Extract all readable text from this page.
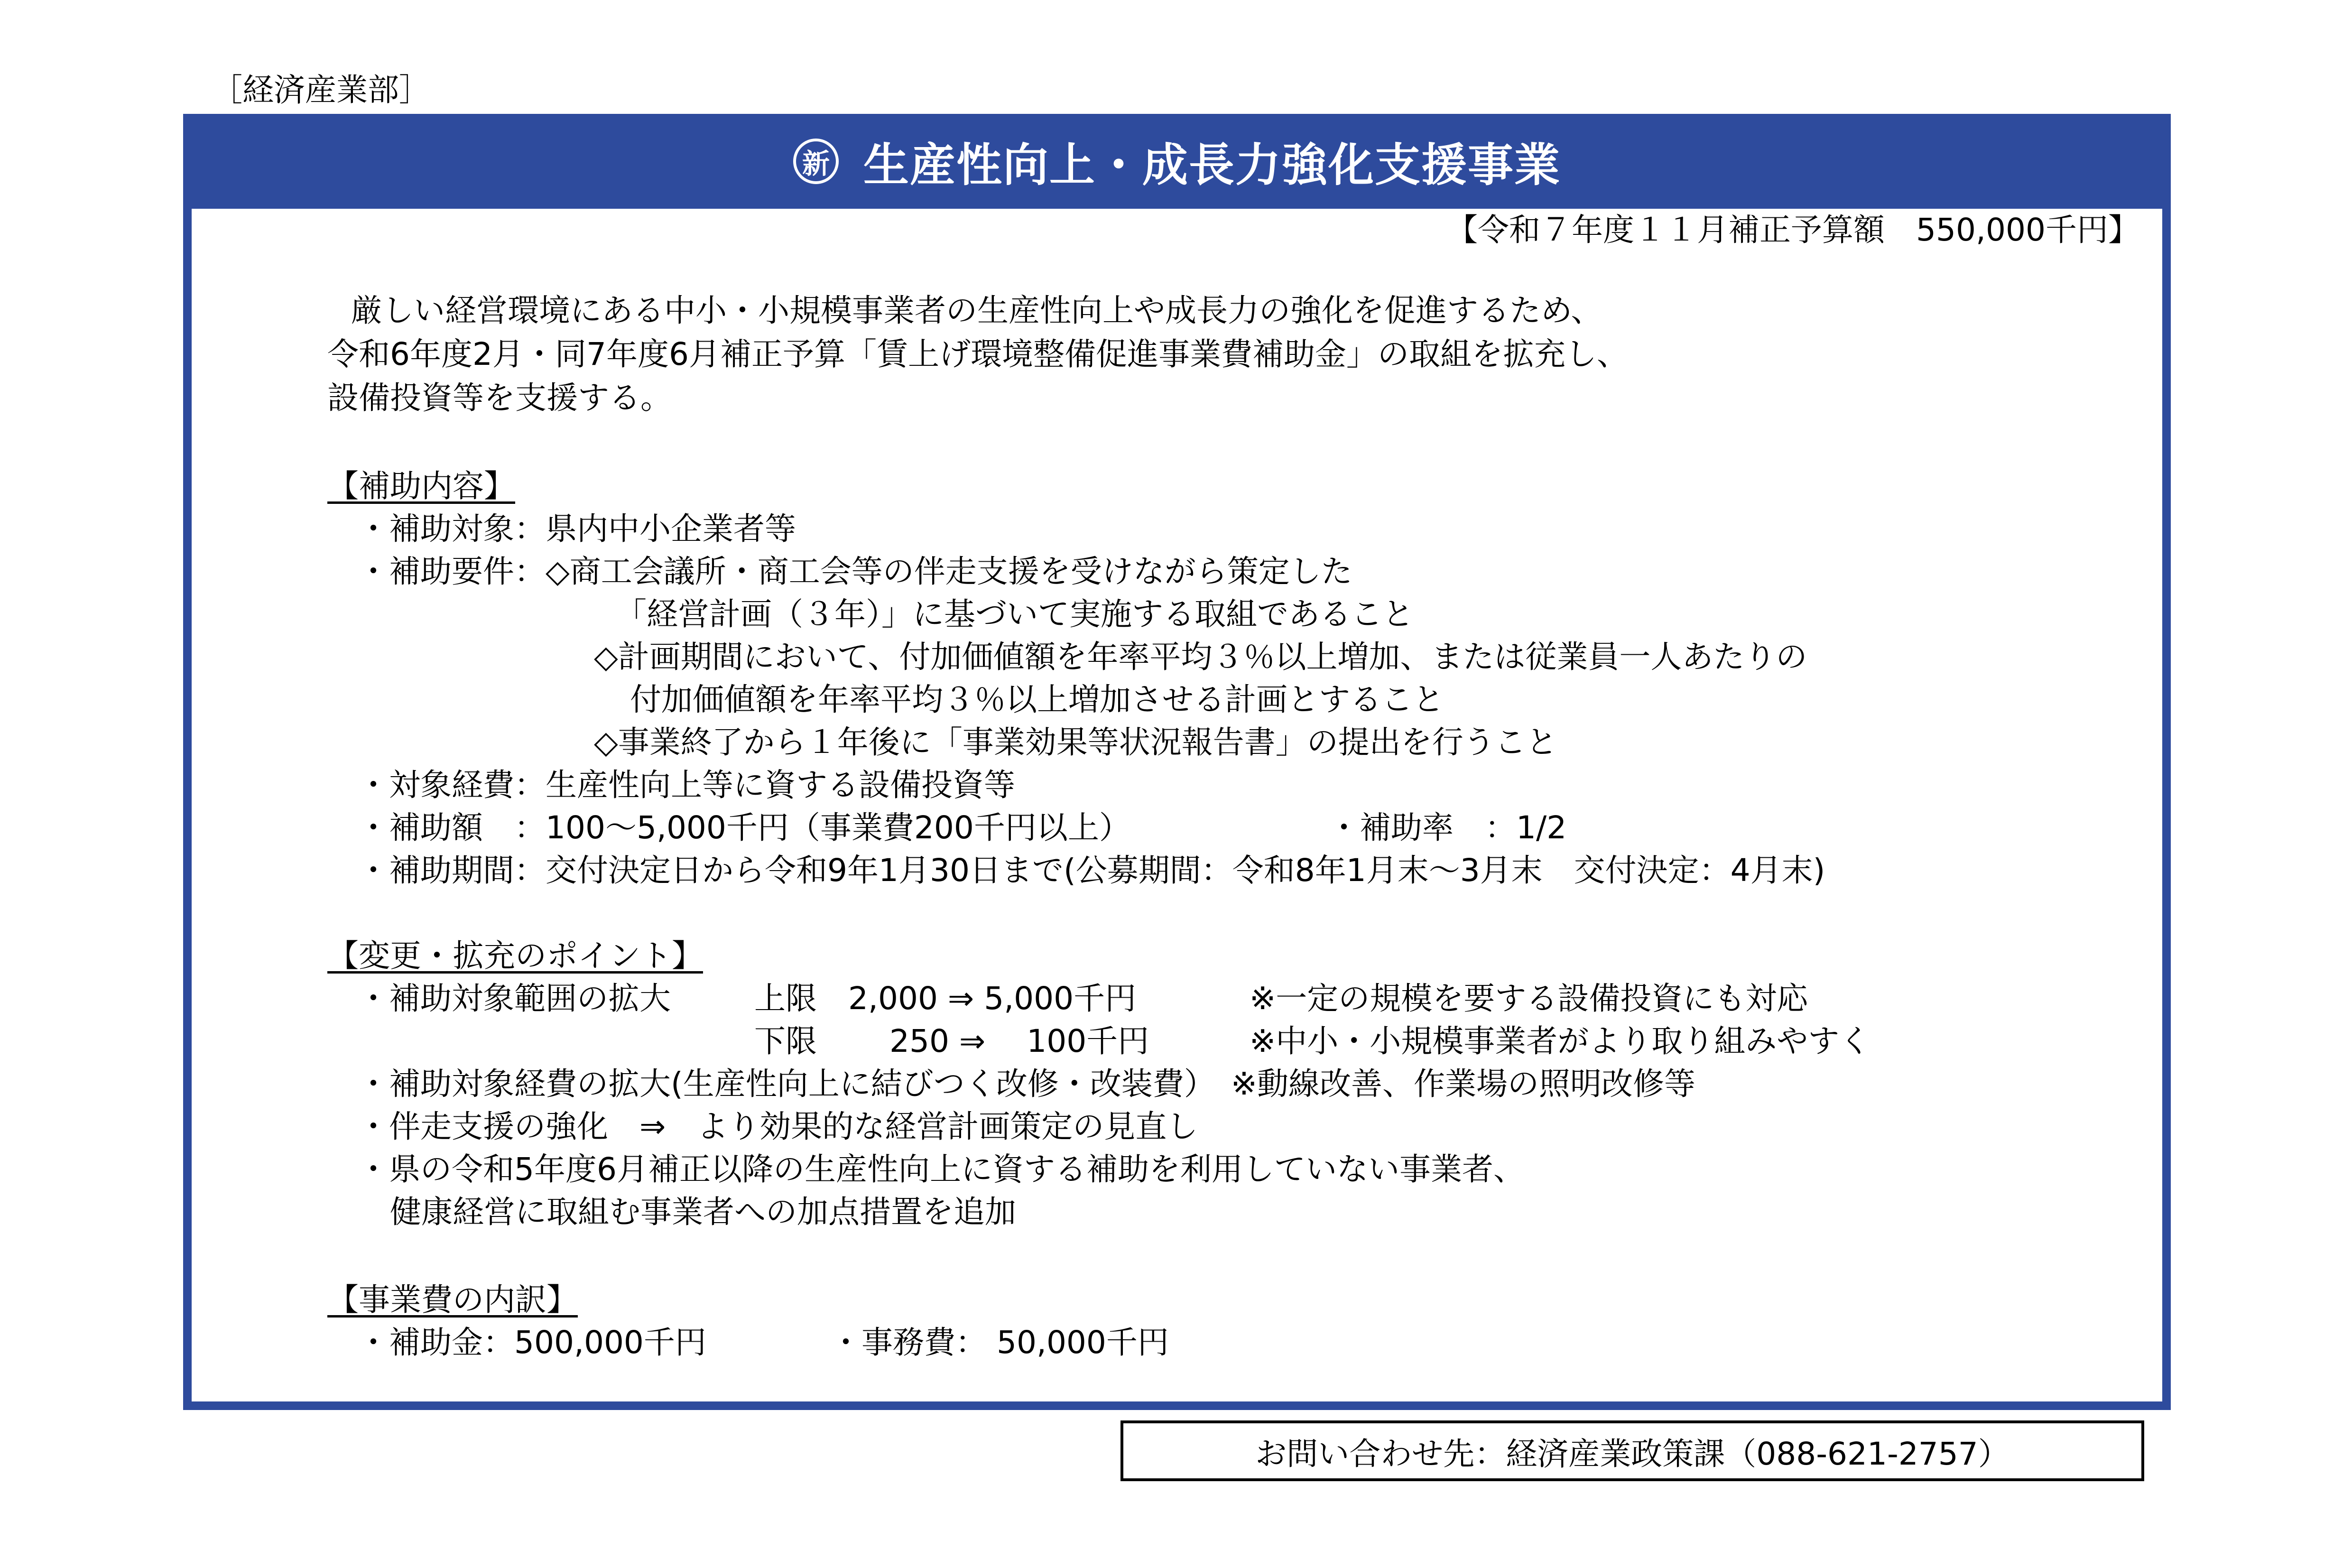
［経済産業部］
新 生産性向上・成長力強化支援事業
【令和７年度１１月補正予算額　550,000千円】
　厳しい経営環境にある中小・小規模事業者の生産性向上や成長力の強化を促進するため、
令和6年度2月・同7年度6月補正予算「賃上げ環境整備促進事業費補助金」の取組を拡充し、
設備投資等を支援する。
【補助内容】
・補助対象：県内中小企業者等
・補助要件：◇商工会議所・商工会等の伴走支援を受けながら策定した
「経営計画（３年）」に基づいて実施する取組であること
◇計画期間において、付加価値額を年率平均３％以上増加、または従業員一人あたりの
付加価値額を年率平均３％以上増加させる計画とすること
◇事業終了から１年後に「事業効果等状況報告書」の提出を行うこと
・対象経費：生産性向上等に資する設備投資等
・補助額　：100〜5,000千円（事業費200千円以上）	・補助率　：1/2
・補助期間：交付決定日から令和9年1月30日まで(公募期間：令和8年1月末〜3月末　交付決定：4月末)
【変更・拡充のポイント】
・補助対象範囲の拡大	上限　2,000 ⇒ 5,000千円	※一定の規模を要する設備投資にも対応
下限　　 250 ⇒ 　100千円	※中小・小規模事業者がより取り組みやすく
・補助対象経費の拡大(生産性向上に結びつく改修・改装費）　※動線改善、作業場の照明改修等
・伴走支援の強化　⇒　より効果的な経営計画策定の見直し
・県の令和5年度6月補正以降の生産性向上に資する補助を利用していない事業者、
健康経営に取組む事業者への加点措置を追加
【事業費の内訳】
・補助金：500,000千円	・事務費： 50,000千円
お問い合わせ先：経済産業政策課（088-621-2757）
